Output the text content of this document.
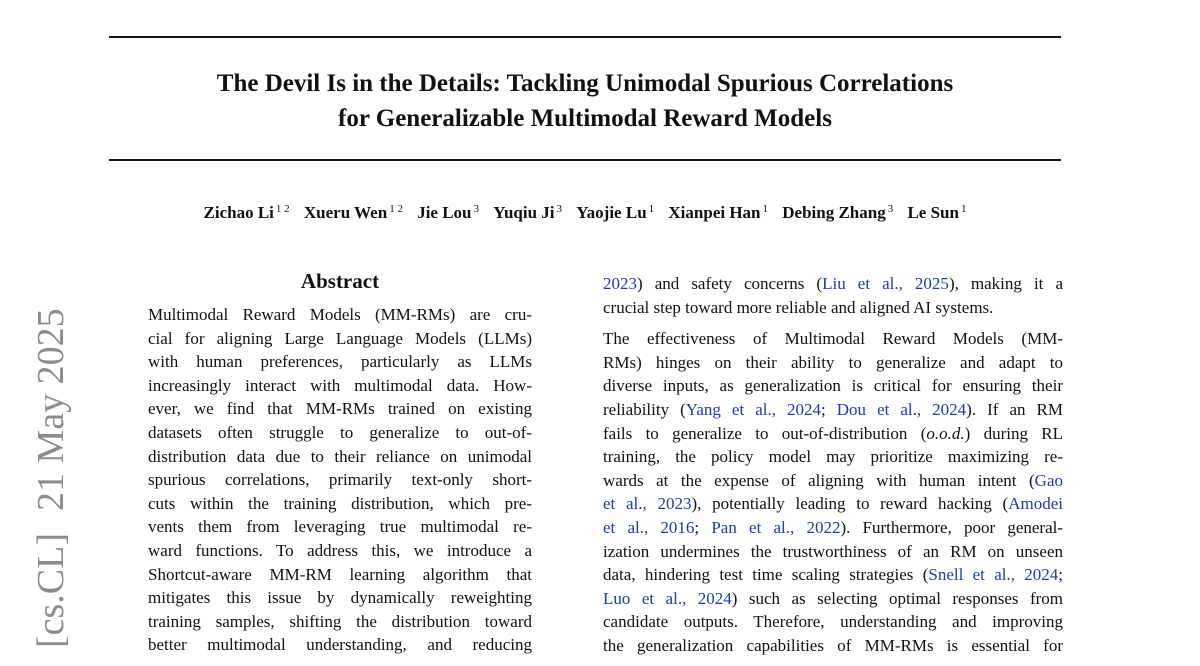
The Devil Is in the Details: Tackling Unimodal Spurious Correlations
for Generalizable Multimodal Reward Models
Zichao Li $^{1 2}$ Xueru Wen $^{1 2}$ Jie Lou $^3$ Yuqiu Ji $^3$ Yaojie Lu $^1$ Xianpei Han $^1$ Debing Zhang $^3$ Le Sun $^1$
[cs.CL]21 May 2025
Abstract
Multimodal Reward Models (MM-RMs) are cru-
cial for aligning Large Language Models (LLMs)
with human preferences, particularly as LLMs
increasingly interact with multimodal data. How-
ever, we find that MM-RMs trained on existing
datasets often struggle to generalize to out-of-
distribution data due to their reliance on unimodal
spurious correlations, primarily text-only short-
cuts within the training distribution, which pre-
vents them from leveraging true multimodal re-
ward functions. To address this, we introduce a
Shortcut-aware MM-RM learning algorithm that
mitigates this issue by dynamically reweighting
training samples, shifting the distribution toward
better multimodal understanding, and reducing
2023) and safety concerns (Liu et al., 2025), making it a
crucial step toward more reliable and aligned AI systems.
The effectiveness of Multimodal Reward Models (MM-
RMs) hinges on their ability to generalize and adapt to
diverse inputs, as generalization is critical for ensuring their
reliability (Yang et al., 2024; Dou et al., 2024). If an RM
fails to generalize to out-of-distribution (o.o.d.) during RL
training, the policy model may prioritize maximizing re-
wards at the expense of aligning with human intent (Gao
et al., 2023), potentially leading to reward hacking (Amodei
et al., 2016; Pan et al., 2022). Furthermore, poor general-
ization undermines the trustworthiness of an RM on unseen
data, hindering test time scaling strategies (Snell et al., 2024;
Luo et al., 2024) such as selecting optimal responses from
candidate outputs. Therefore, understanding and improving
the generalization capabilities of MM-RMs is essential for
